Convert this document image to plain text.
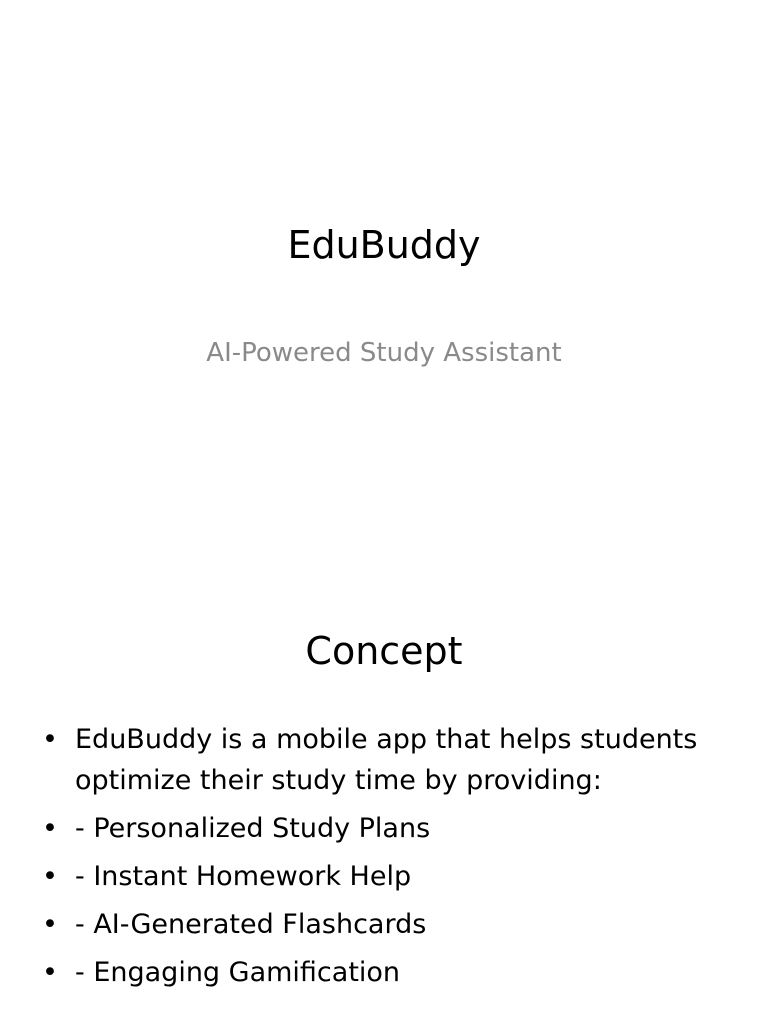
EduBuddy
AI-Powered Study Assistant
Concept
• EduBuddy is a mobile app that helps students optimize their study time by providing:
• - Personalized Study Plans
• - Instant Homework Help
• - AI-Generated Flashcards
• - Engaging Gamification
